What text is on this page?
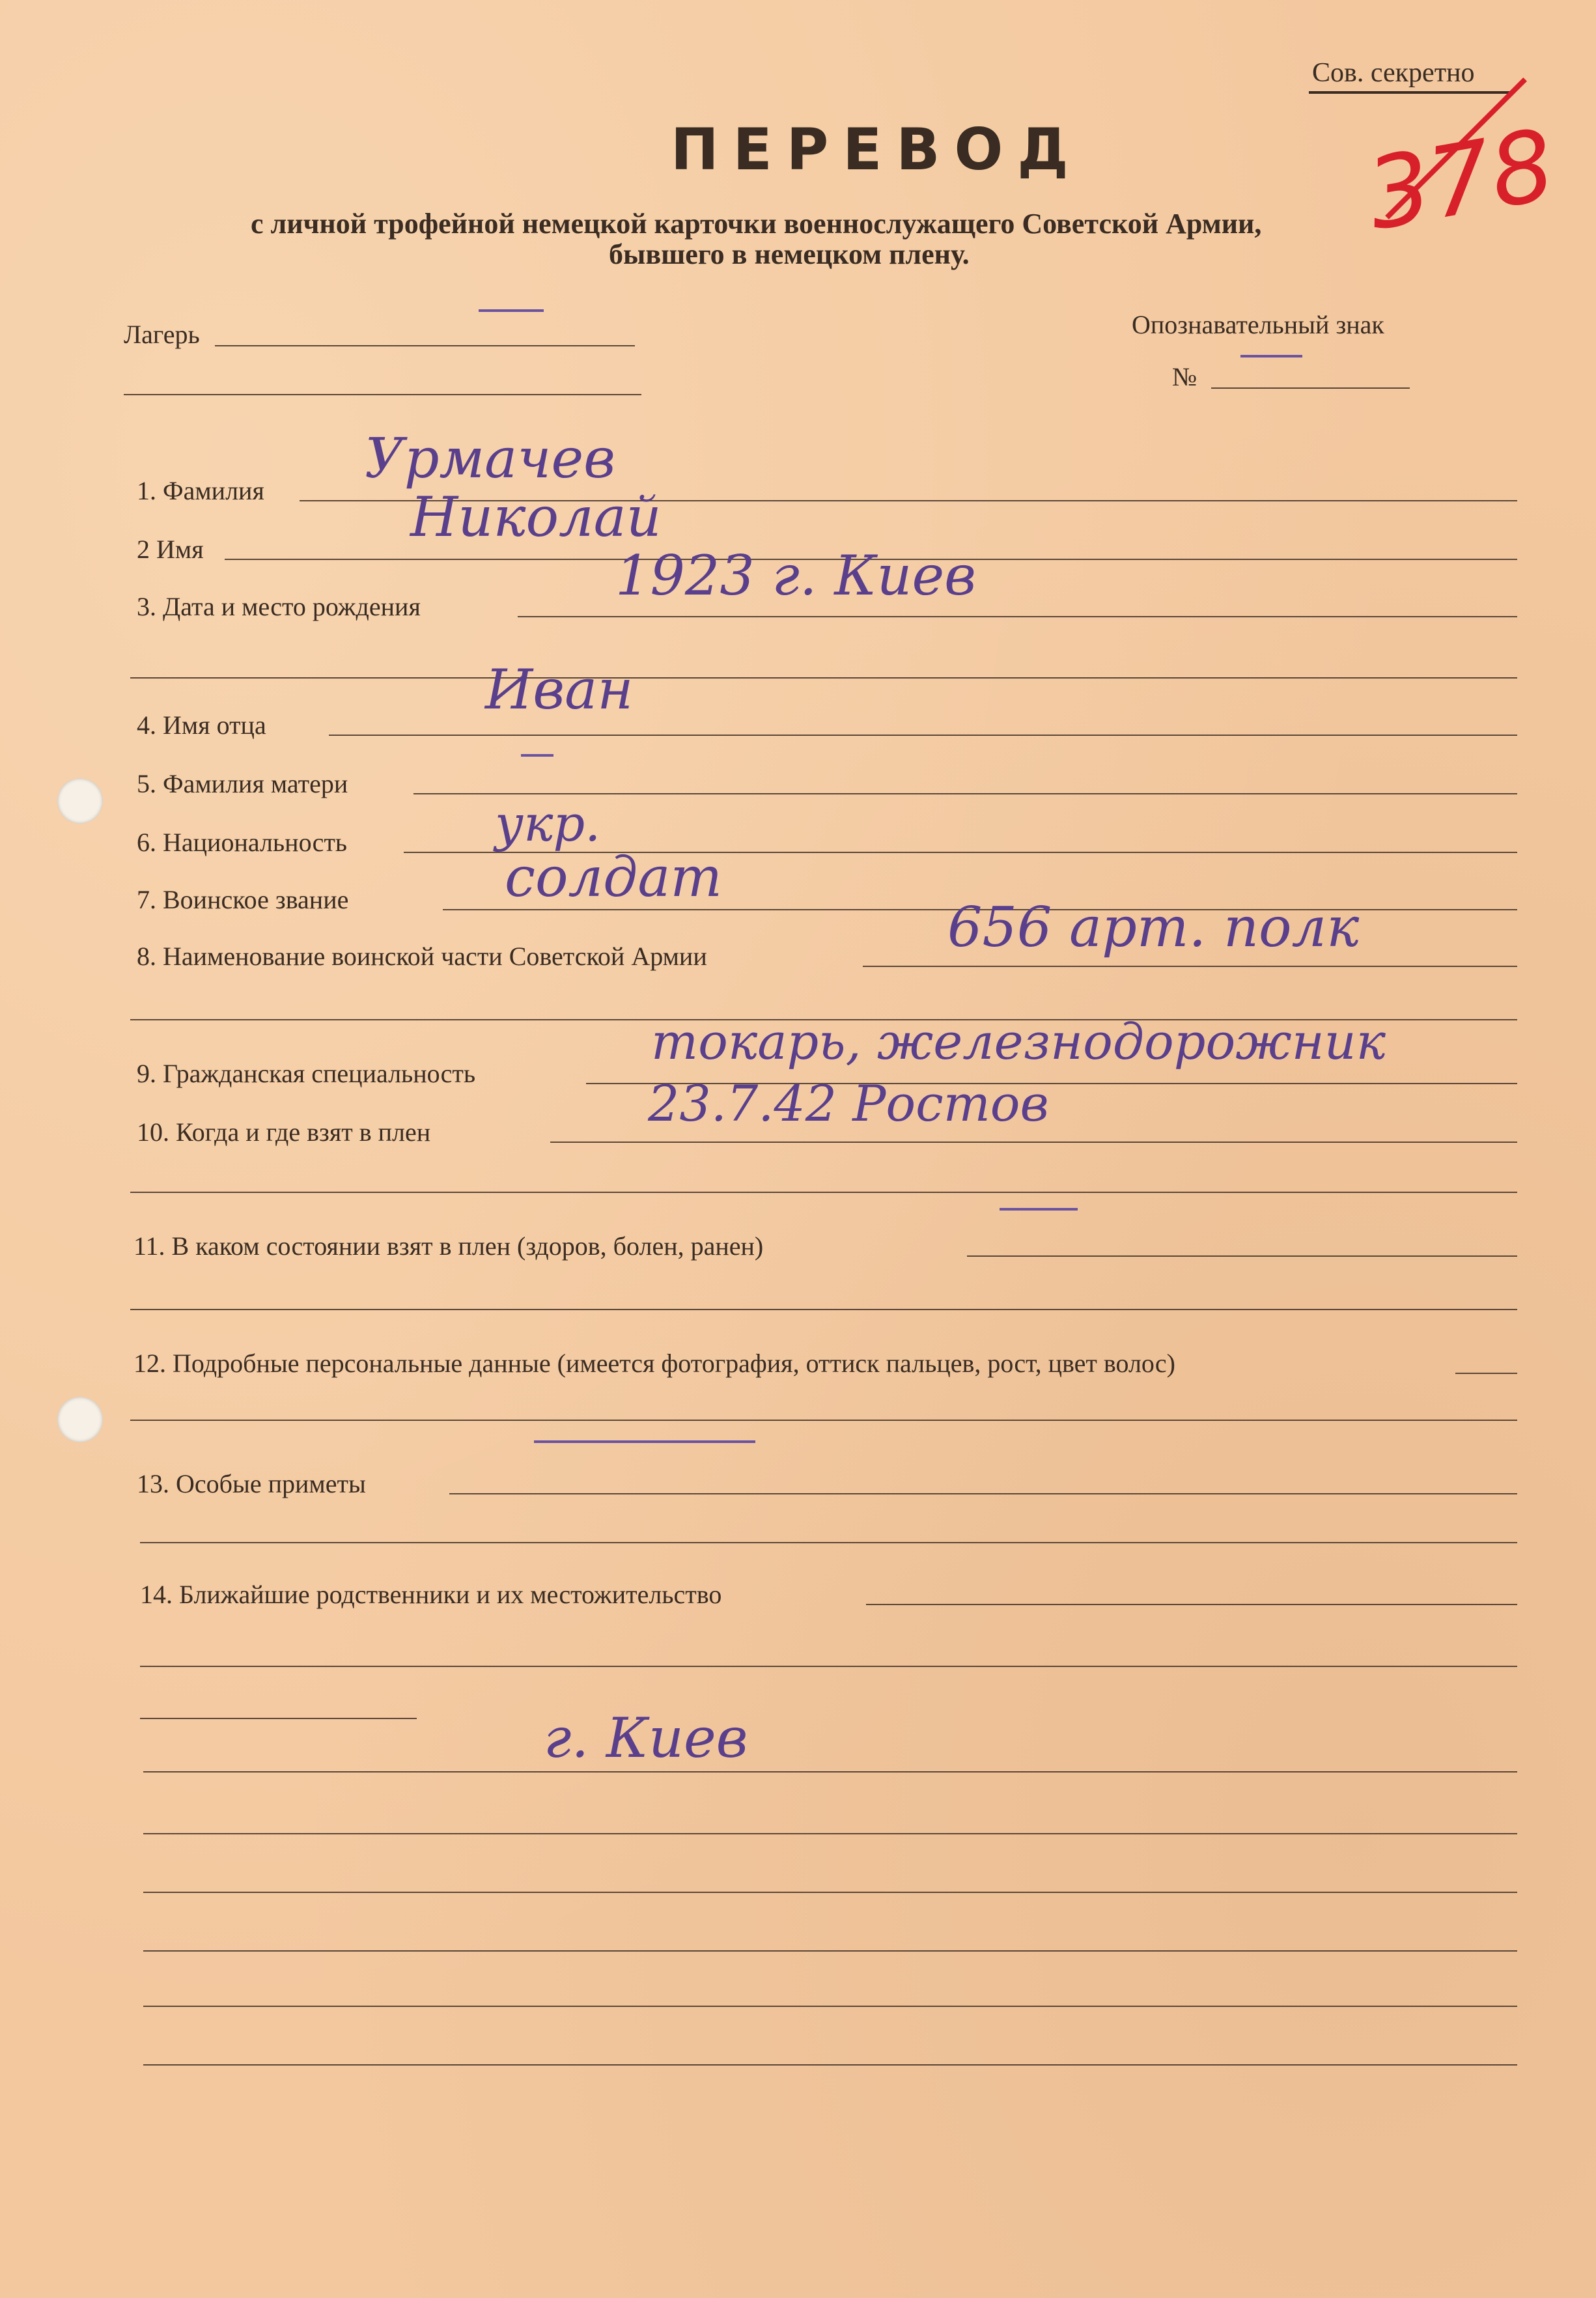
Сов. секретно
378
ПЕРЕВОД
с личной трофейной немецкой карточки военнослужащего Советской Армии,
бывшего в немецком плену.
Лагерь	Опознавательный знак
№
1. Фамилия
Урмачев
2 Имя
Николай
3. Дата и место рождения	1923 г. Киев
4. Имя отца
Иван
5. Фамилия матери
6. Национальность	укр.
7. Воинское звание	солдат
8. Наименование воинской части Советской Армии	656 арт. полк
9. Гражданская специальность
токарь, железнодорожник
10. Когда и где взят в плен	23.7.42 Ростов
11. В каком состоянии взят в плен (здоров, болен, ранен)
12. Подробные персональные данные (имеется фотография, оттиск пальцев, рост, цвет волос)
13. Особые приметы
14. Ближайшие родственники и их местожительство
г. Киев
